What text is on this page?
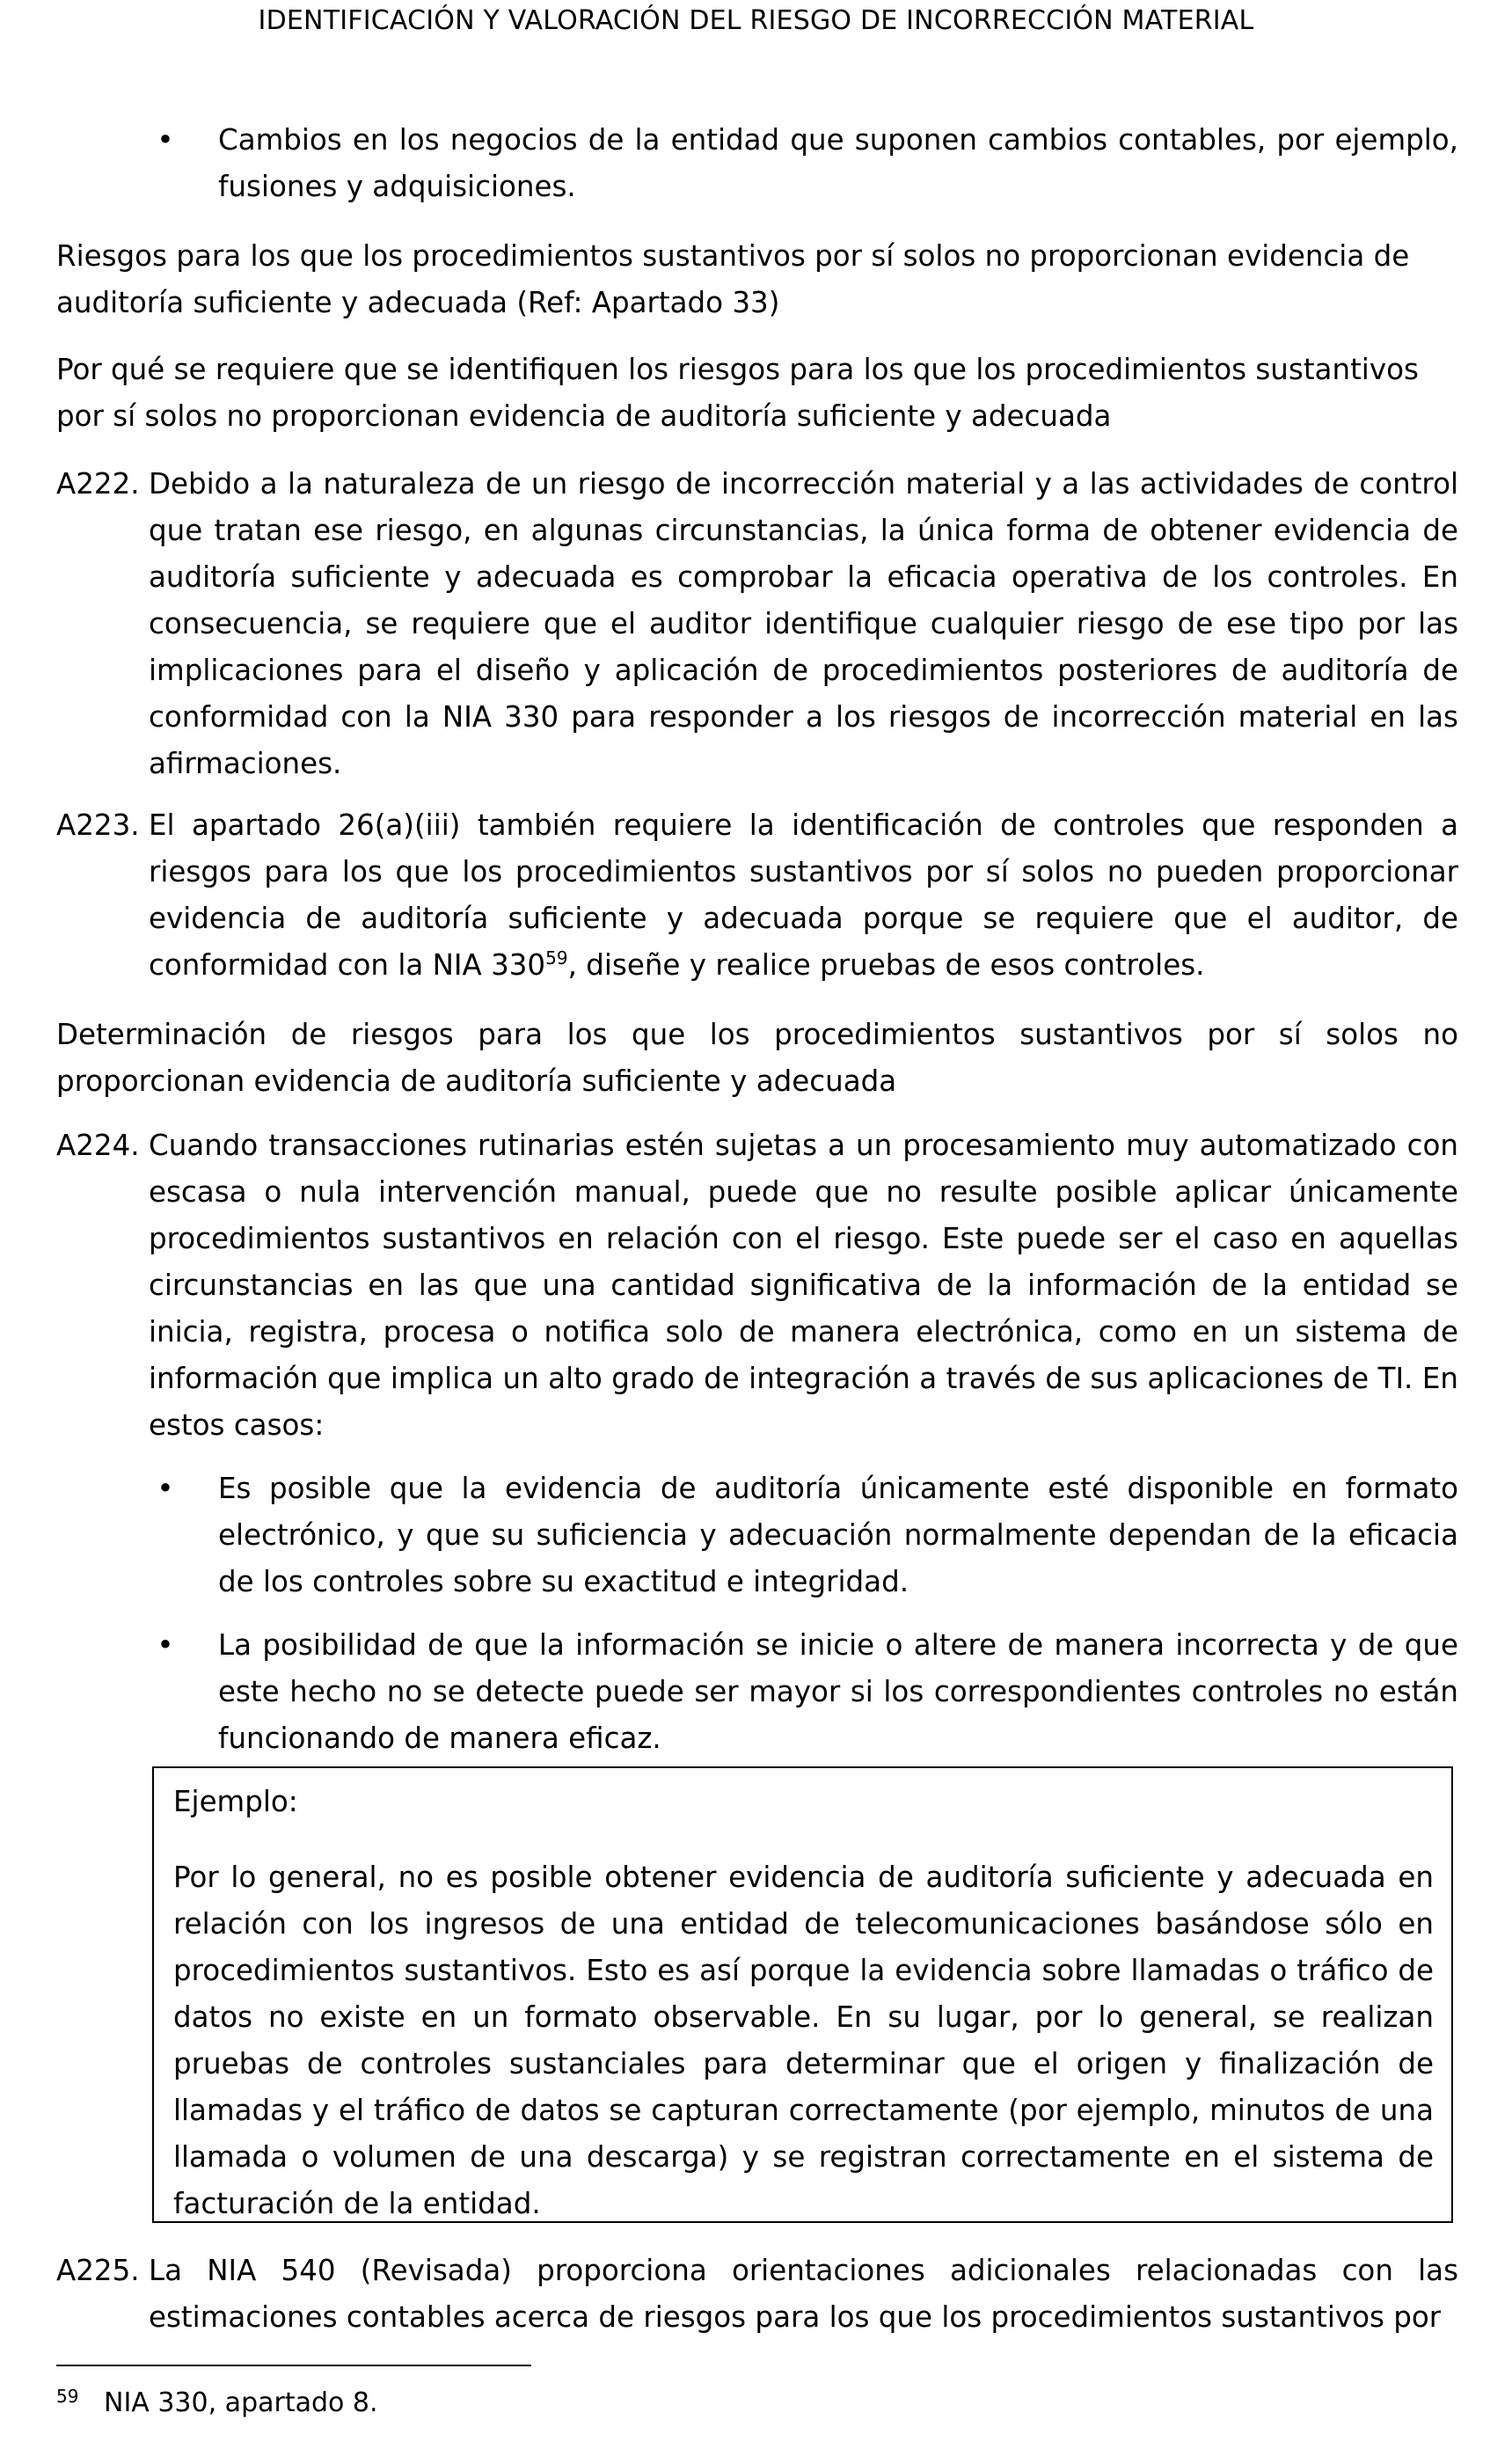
IDENTIFICACIÓN Y VALORACIÓN DEL RIESGO DE INCORRECCIÓN MATERIAL
• Cambios en los negocios de la entidad que suponen cambios contables, por ejemplo, fusiones y adquisiciones.
Riesgos para los que los procedimientos sustantivos por sí solos no proporcionan evidencia de auditoría suficiente y adecuada (Ref: Apartado 33)
Por qué se requiere que se identifiquen los riesgos para los que los procedimientos sustantivos por sí solos no proporcionan evidencia de auditoría suficiente y adecuada
A222. Debido a la naturaleza de un riesgo de incorrección material y a las actividades de control que tratan ese riesgo, en algunas circunstancias, la única forma de obtener evidencia de auditoría suficiente y adecuada es comprobar la eficacia operativa de los controles. En consecuencia, se requiere que el auditor identifique cualquier riesgo de ese tipo por las implicaciones para el diseño y aplicación de procedimientos posteriores de auditoría de conformidad con la NIA 330 para responder a los riesgos de incorrección material en las afirmaciones.
A223. El apartado 26(a)(iii) también requiere la identificación de controles que responden a riesgos para los que los procedimientos sustantivos por sí solos no pueden proporcionar evidencia de auditoría suficiente y adecuada porque se requiere que el auditor, de conformidad con la NIA $330^{59}$, diseñe y realice pruebas de esos controles.
Determinación de riesgos para los que los procedimientos sustantivos por sí solos no proporcionan evidencia de auditoría suficiente y adecuada
A224. Cuando transacciones rutinarias estén sujetas a un procesamiento muy automatizado con escasa o nula intervención manual, puede que no resulte posible aplicar únicamente procedimientos sustantivos en relación con el riesgo. Este puede ser el caso en aquellas circunstancias en las que una cantidad significativa de la información de la entidad se inicia, registra, procesa o notifica solo de manera electrónica, como en un sistema de información que implica un alto grado de integración a través de sus aplicaciones de TI. En estos casos:
• Es posible que la evidencia de auditoría únicamente esté disponible en formato electrónico, y que su suficiencia y adecuación normalmente dependan de la eficacia de los controles sobre su exactitud e integridad.
• La posibilidad de que la información se inicie o altere de manera incorrecta y de que este hecho no se detecte puede ser mayor si los correspondientes controles no están funcionando de manera eficaz.
Ejemplo:
Por lo general, no es posible obtener evidencia de auditoría suficiente y adecuada en relación con los ingresos de una entidad de telecomunicaciones basándose sólo en procedimientos sustantivos. Esto es así porque la evidencia sobre llamadas o tráfico de datos no existe en un formato observable. En su lugar, por lo general, se realizan pruebas de controles sustanciales para determinar que el origen y finalización de llamadas y el tráfico de datos se capturan correctamente (por ejemplo, minutos de una llamada o volumen de una descarga) y se registran correctamente en el sistema de facturación de la entidad.
A225. La NIA 540 (Revisada) proporciona orientaciones adicionales relacionadas con las estimaciones contables acerca de riesgos para los que los procedimientos sustantivos por
59 NIA 330, apartado 8.
